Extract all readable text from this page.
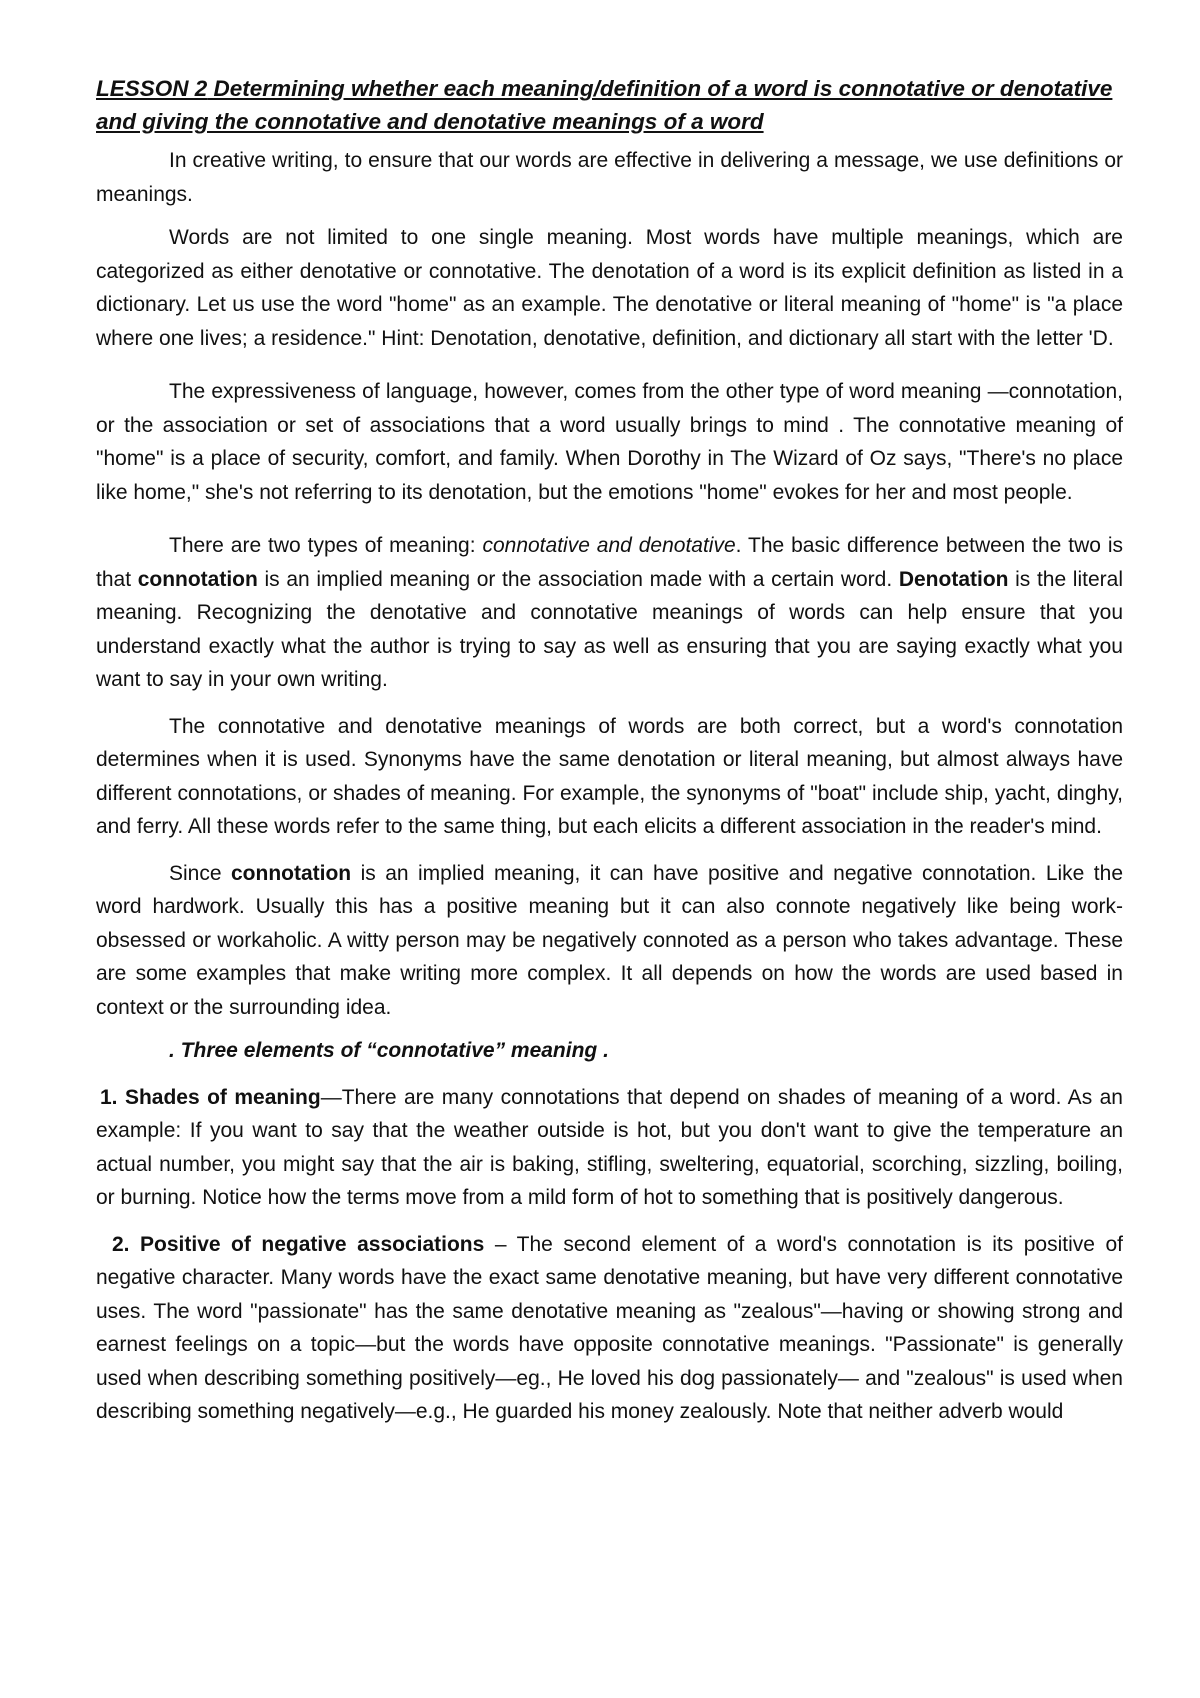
LESSON 2 Determining whether each meaning/definition of a word is connotative or denotative and giving the connotative and denotative meanings of a word

In creative writing, to ensure that our words are effective in delivering a message, we use definitions or meanings.

Words are not limited to one single meaning. Most words have multiple meanings, which are categorized as either denotative or connotative. The denotation of a word is its explicit definition as listed in a dictionary. Let us use the word "home" as an example. The denotative or literal meaning of "home" is "a place where one lives; a residence." Hint: Denotation, denotative, definition, and dictionary all start with the letter 'D.

The expressiveness of language, however, comes from the other type of word meaning —connotation, or the association or set of associations that a word usually brings to mind . The connotative meaning of "home" is a place of security, comfort, and family. When Dorothy in The Wizard of Oz says, "There's no place like home," she's not referring to its denotation, but the emotions "home" evokes for her and most people.

There are two types of meaning: connotative and denotative. The basic difference between the two is that connotation is an implied meaning or the association made with a certain word. Denotation is the literal meaning. Recognizing the denotative and connotative meanings of words can help ensure that you understand exactly what the author is trying to say as well as ensuring that you are saying exactly what you want to say in your own writing.

The connotative and denotative meanings of words are both correct, but a word's connotation determines when it is used. Synonyms have the same denotation or literal meaning, but almost always have different connotations, or shades of meaning. For example, the synonyms of "boat" include ship, yacht, dinghy, and ferry. All these words refer to the same thing, but each elicits a different association in the reader's mind.

Since connotation is an implied meaning, it can have positive and negative connotation. Like the word hardwork. Usually this has a positive meaning but it can also connote negatively like being work-obsessed or workaholic. A witty person may be negatively connoted as a person who takes advantage. These are some examples that make writing more complex. It all depends on how the words are used based in context or the surrounding idea.

. Three elements of “connotative” meaning .

1. Shades of meaning—There are many connotations that depend on shades of meaning of a word. As an example: If you want to say that the weather outside is hot, but you don't want to give the temperature an actual number, you might say that the air is baking, stifling, sweltering, equatorial, scorching, sizzling, boiling, or burning. Notice how the terms move from a mild form of hot to something that is positively dangerous.

2. Positive of negative associations – The second element of a word's connotation is its positive of negative character. Many words have the exact same denotative meaning, but have very different connotative uses. The word "passionate" has the same denotative meaning as "zealous"—having or showing strong and earnest feelings on a topic—but the words have opposite connotative meanings. "Passionate" is generally used when describing something positively—eg., He loved his dog passionately— and "zealous" is used when describing something negatively—e.g., He guarded his money zealously. Note that neither adverb would
